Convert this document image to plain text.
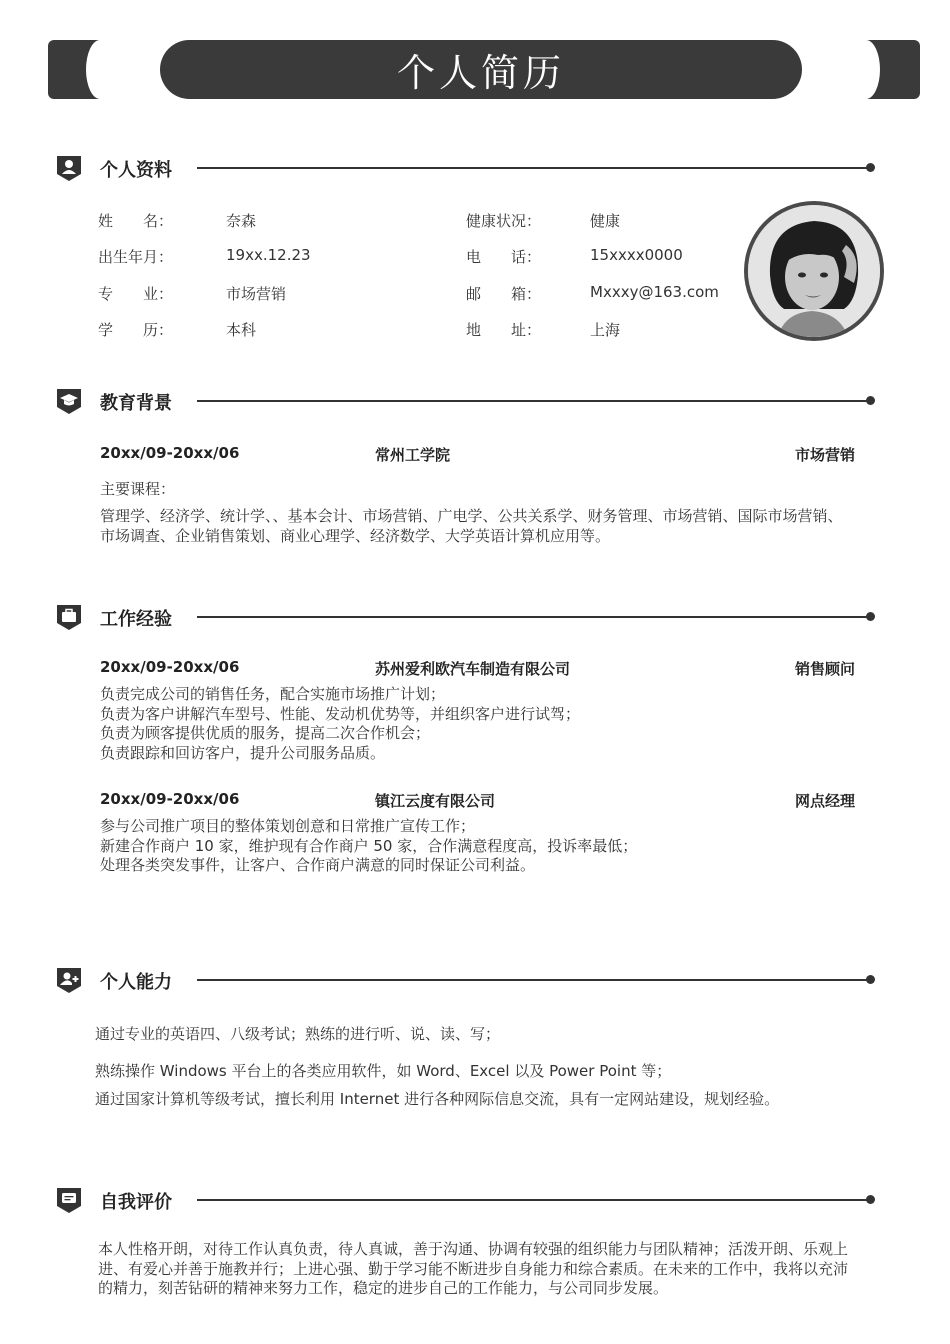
个人简历
个人资料
姓　　名：	奈森
出生年月：	19xx.12.23
专　　业：	市场营销
学　　历：	本科
健康状况：	健康
电　　话：	15xxxx0000
邮　　箱：	Mxxxy@163.com
地　　址：	上海
教育背景
20xx/09-20xx/06	常州工学院	市场营销
主要课程：
管理学、经济学、统计学、、基本会计、市场营销、广电学、公共关系学、财务管理、市场营销、国际市场营销、市场调查、企业销售策划、商业心理学、经济数学、大学英语计算机应用等。
工作经验
20xx/09-20xx/06	苏州爱利欧汽车制造有限公司	销售顾问

负责完成公司的销售任务，配合实施市场推广计划；

负责为客户讲解汽车型号、性能、发动机优势等，并组织客户进行试驾；

负责为顾客提供优质的服务，提高二次合作机会；

负责跟踪和回访客户，提升公司服务品质。

20xx/09-20xx/06	镇江云度有限公司	网点经理

参与公司推广项目的整体策划创意和日常推广宣传工作；

新建合作商户 10 家，维护现有合作商户 50 家，合作满意程度高，投诉率最低；

处理各类突发事件，让客户、合作商户满意的同时保证公司利益。

个人能力
通过专业的英语四、八级考试；熟练的进行听、说、读、写；
熟练操作 Windows 平台上的各类应用软件，如 Word、Excel 以及 Power Point 等；
通过国家计算机等级考试，擅长利用 Internet 进行各种网际信息交流，具有一定网站建设，规划经验。
自我评价
本人性格开朗，对待工作认真负责，待人真诚，善于沟通、协调有较强的组织能力与团队精神；活泼开朗、乐观上进、有爱心并善于施教并行；上进心强、勤于学习能不断进步自身能力和综合素质。在未来的工作中，我将以充沛的精力，刻苦钻研的精神来努力工作，稳定的进步自己的工作能力，与公司同步发展。
